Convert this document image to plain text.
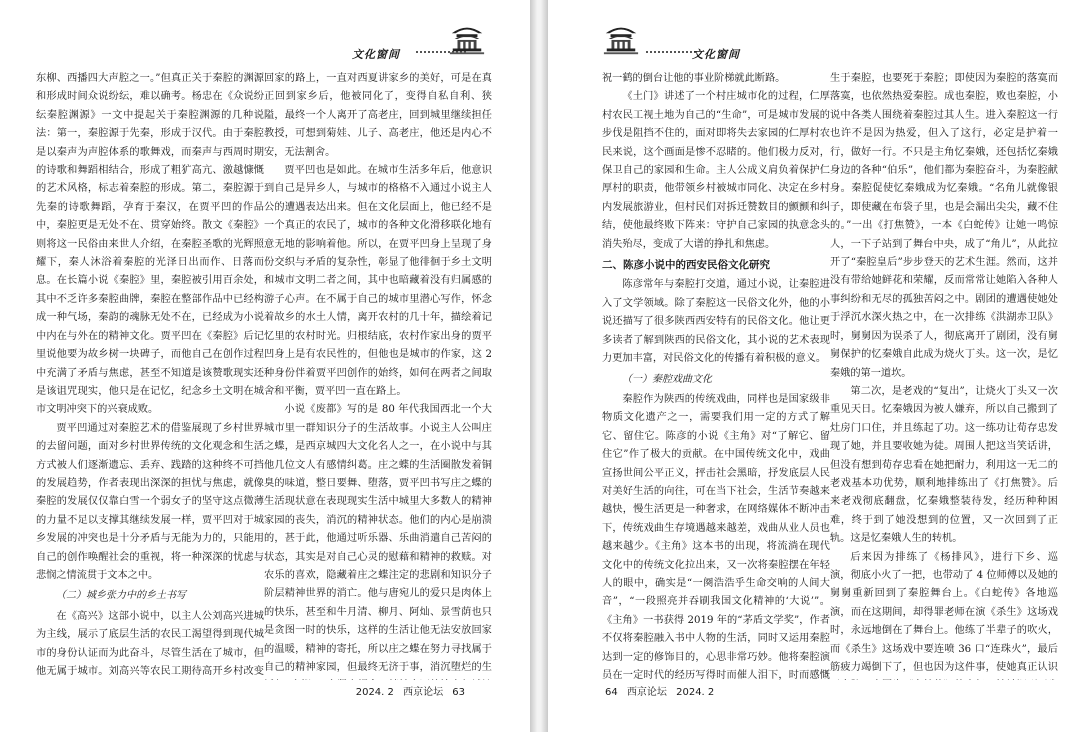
文化窗间

东柳、西播四大声腔之一。”但真正关于秦腔的渊源和形成时间众说纷纭，难以确考。杨忠在《众说纷纭秦腔渊源》一文中提起关于秦腔渊源的几种说法：第一，秦腔源于先秦，形成于汉代。由于秦腔是以秦声为声腔体系的歌舞戏，而秦声与西周时期的诗歌和舞蹈相结合，形成了粗犷高亢、激越慷慨的艺术风格，标志着秦腔的形成。第二，秦腔源于先秦的诗歌舞蹈，孕育于秦汉，在贾平凹的作品中，秦腔更是无处不在、贯穿始终。散文《秦腔》则将这一民俗由来世人介绍，在秦腔圣歌的光辉照耀下，秦人沐浴着秦腔的光泽日出而作、日落而息。在长篇小说《秦腔》里，秦腔被引用百余处，其中不乏许多秦腔曲牌，秦腔在整部作品中已经构成一种气场，秦韵的魂脉无处不在，已经成为小说中内在与外在的精神文化。贾平凹在《秦腔》后记里说他要为故乡树一块碑子，而他自己在创作过程中充满了矛盾与焦虑，甚至不知道是该赞歌现实还是该诅咒现实，他只是在记忆，纪念乡土文明在城市文明冲突下的兴衰成败。

贾平凹通过对秦腔艺术的借鉴展现了乡村世界的去留问题，面对乡村世界传统的文化观念和生活方式被人们逐渐遗忘、丢弃、践踏的这种终不可挡的发展趋势，作者表现出深深的担忧与焦虑，就像秦腔的发展仅仅靠白雪一个弱女子的坚守这点微薄的力量不足以支撑其继续发展一样，贾平凹对于城乡发展的冲突也是十分矛盾与无能为力的，只能用自己的创作唤醒社会的重视，将一种深深的忧虑与悲悯之情流贯于文本之中。

（二）城乡张力中的乡土书写

在《高兴》这部小说中，以主人公刘高兴进城为主线，展示了底层生活的农民工渴望得到现代城市的身份认证而为此奋斗，尽管生活在了城市，但他无属于城市。刘高兴等农民工期待高开乡村改变

回家的路上，一直对西夏讲家乡的美好，可是在真正回到家乡后，他被同化了，变得自私自利、狭隘，最终一个人离开了高老庄，回到城里继续担任教授，可想到菊娃、儿子、高老庄，他还是内心不安，无法割舍。

贾平凹也是如此。在城市生活多年后，他意识到自己是异乡人，与城市的格格不入通过小说主人公的遭遇表达出来。但在文化层面上，他已经不是一个真正的农民了，城市的各种文化滑移联化地有意无地的影响着他。所以，在贾平凹身上呈现了身份交织与矛盾的复杂性，彰显了他徘徊于乡土文明和城市文明二者之间，其中也暗藏着没有归属感的游子心声。在不属于自己的城市里潜心写作，怀念着故乡的水土人情，离开农村的几十年，描绘着记忆里的农村时光。归根结底，农村作家出身的贾平凹身上是有农民性的，但他也是城市的作家，这 2 种身份伴着贾平凹创作的始终，如何在两者之间取舍和平衡，贾平凹一直在路上。

小说《废都》写的是 80 年代我国西北一个大城市里一群知识分子的生活故事。小说主人公叫庄之蝶，是西京城四大文化名人之一，在小说中与其他几位文人有感情纠葛。庄之蝶的生活圈散发着铜臭的味道，整日要舞、堕落，贾平凹书写庄之蝶的生活现状意在表现现实生活中城里大多数人的精神家园的丧失，消沉的精神状态。他们的内心是崩溃的，甚于此，他通过听乐器、乐曲消遣自己苦闷的状态，其实是对自己心灵的慰藉和精神的救赎。对农乐的喜欢，隐藏着庄之蝶注定的悲剧和知识分子阶层精神世界的消亡。他与唐宛儿的爱只是肉体上的快乐，甚至和牛月清、柳月、阿灿、景雪荫也只是贪图一时的快乐，这样的生活让他无法安放回家的温暖，精神的寄托，所以庄之蝶在努力寻找属于自己的精神家园，但最终无济于事，消沉堕烂的生

2024. 2 西京论坛 63
文化窗间

祝一鹤的倒台让他的事业阶梯就此断路。

《土门》讲述了一个村庄城市化的过程，仁厚村农民工视土地为自己的“生命”，可是城市发展的步伐是阻挡不住的，面对即将失去家园的仁厚村农民来说，这个画面是惨不忍睹的。他们极力反对，保卫自己的家园和生命。主人公成义肩负着保护仁厚村的职责，他带领乡村被城市同化、决定在乡村内发展旅游业，但村民们对拆迁赞数目的颤颤和纠结，使他最终败下阵来：守护自己家园的执意念头消失殆尽，变成了大谱的挣扎和焦虑。

二、陈彦小说中的西安民俗文化研究

陈彦常年与秦腔打交道，通过小说，让秦腔进入了文学领域。除了秦腔这一民俗文化外，他的小说还描写了很多陕西西安特有的民俗文化。他让更多读者了解到陕西的民俗文化，其小说的艺术表现力更加丰富，对民俗文化的传播有着积极的意义。

（一）秦腔戏曲文化

秦腔作为陕西的传统戏曲，同样也是国家级非物质文化遗产之一，需要我们用一定的方式了解它、留住它。陈彦的小说《主角》对“了解它、留住它”作了极大的贡献。在中国传统文化中，戏曲宣扬世间公平正义，抨击社会黑暗，抒发底层人民对美好生活的向往，可在当下社会，生活节奏越来越快，慢生活更是一种奢求，在网络媒体不断冲击下，传统戏曲生存境遇越来越差，戏曲从业人员也越来越少。《主角》这本书的出现，将流淌在现代文化中的传统文化拉出来，又一次将秦腔摆在年轻人的眼中，确实是“一阕浩浩乎生命交响的人间大音”，“一段照亮并吞刷我国文化精神的‘大说’”。《主角》一书获得 2019 年的“茅盾文学奖”，作者不仅将秦腔融入书中人物的生活，同时又运用秦腔达到一定的修饰目的，心思非常巧妙。他将秦腔演员在一定时代的经历写得时而催人泪下，时而感慨

生于秦腔，也要死于秦腔；即使因为秦腔的落寞而落寞，也依然热爱秦腔。成也秦腔，败也秦腔，小说中各类人围绕着秦腔过其人生。进入秦腔这一行也许不是因为热爱，但入了这行，必定是护着一行，做好一行。不只是主角忆秦娥，还包括忆秦娥身边的各种“伯乐”，他们都为秦腔奋斗，为秦腔献身。秦腔促使忆秦娥成为忆秦娥。“名角儿就像银子，即使藏在布袋子里，也是会漏出尖尖，藏不住的。”一出《打焦赞》，一本《白蛇传》让她一鸣惊人，一下子站到了舞台中央，成了“角儿”，从此拉开了“秦腔皇后”步步登天的艺术生涯。然而，这并没有带给她鲜花和荣耀，反而常常让她陷入各种人事纠纷和无尽的孤独苦闷之中。剧团的遭遇使她处于浮沉水深火热之中，在一次排练《洪湖赤卫队》时，舅舅因为误杀了人，彻底离开了剧团，没有舅舅保护的忆秦娥自此成为烧火丁头。这一次，是忆秦娥的第一道坎。

第二次，是老戏的“复出”，让烧火丁头又一次重见天日。忆秦娥因为被人嫌弃，所以自己搬到了灶房门口住，并且练起了功。这一练功让荀存忠发现了她，并且要收她为徒。周围人把这当笑话讲，但没有想到荀存忠看在她把耐力，利用这一无二的老戏基本功优势，顺利地排练出了《打焦赞》。后来老戏彻底翻盘，忆秦娥整装待发，经历种种困难，终于到了她没想到的位置，又一次回到了正轨。这是忆秦娥人生的转机。

后来因为排练了《杨排风》，进行下乡、巡演，彻底小火了一把，也带动了 4 位师傅以及她的舅舅重新回到了秦腔舞台上。《白蛇传》各地巡演，而在这期间，却得罪老师在演《杀生》这场戏时，永远地倒在了舞台上。他练了半辈子的吹火，而《杀生》这场戏中要连喷 36 口“连珠火”，最后筋疲力竭倒下了，但也因为这件事，使她真正认识

64 西京论坛 2024. 2
